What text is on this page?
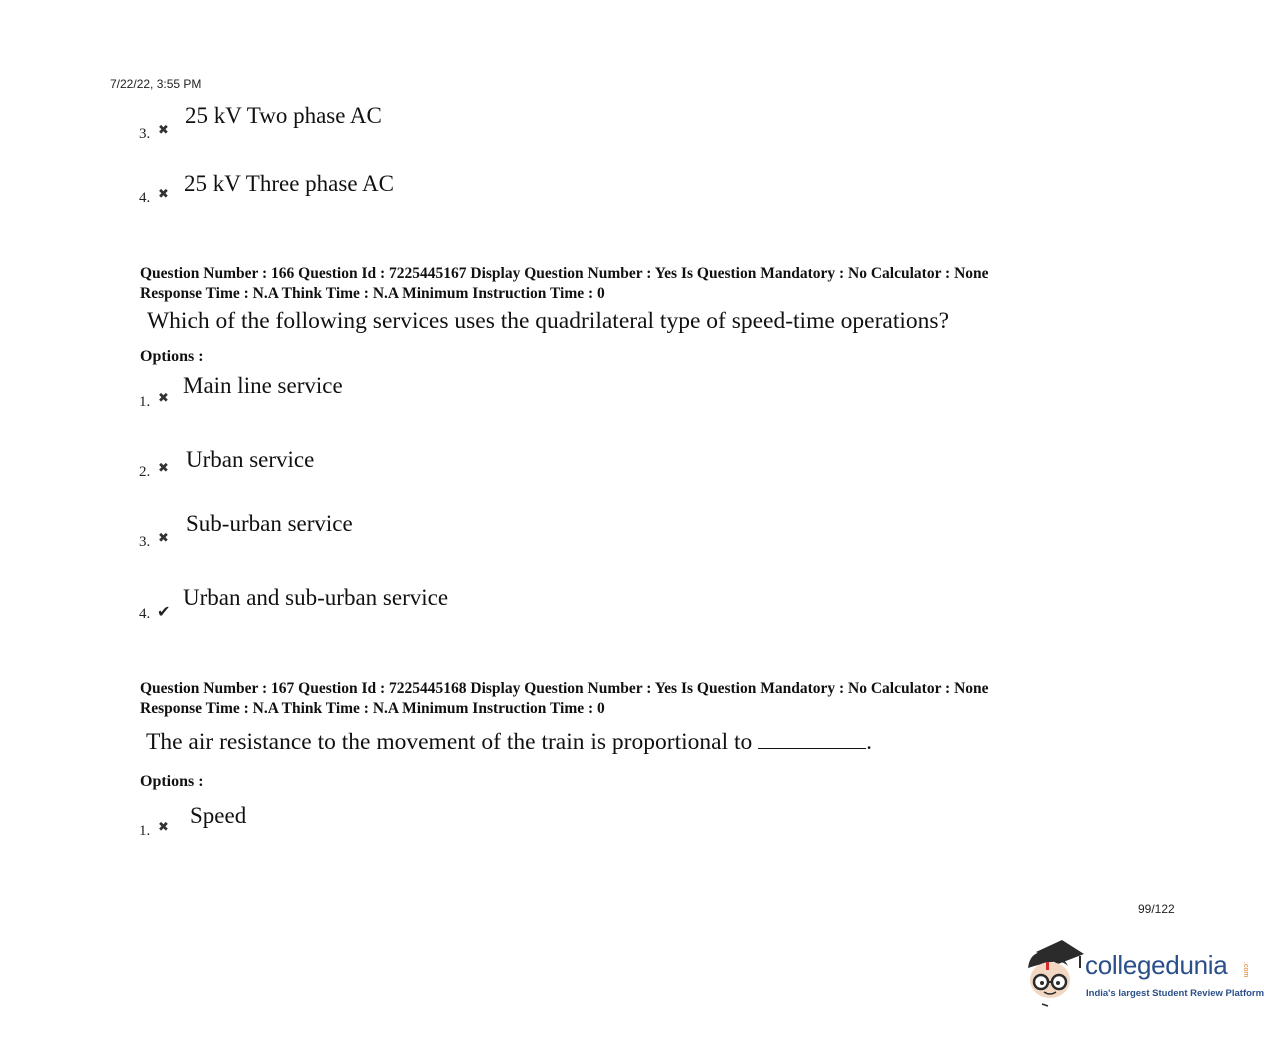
7/22/22, 3:55 PM
25 kV Two phase AC
3. ✖
25 kV Three phase AC
4. ✖
Question Number : 166 Question Id : 7225445167 Display Question Number : Yes Is Question Mandatory : No Calculator : None
Response Time : N.A Think Time : N.A Minimum Instruction Time : 0
Which of the following services uses the quadrilateral type of speed-time operations?
Options :
Main line service
1. ✖
Urban service
2. ✖
Sub-urban service
3. ✖
Urban and sub-urban service
4. ✔
Question Number : 167 Question Id : 7225445168 Display Question Number : Yes Is Question Mandatory : No Calculator : None
Response Time : N.A Think Time : N.A Minimum Instruction Time : 0
The air resistance to the movement of the train is proportional to	.
Options :
Speed
1. ✖
99/122
collegedunia .com
India's largest Student Review Platform
